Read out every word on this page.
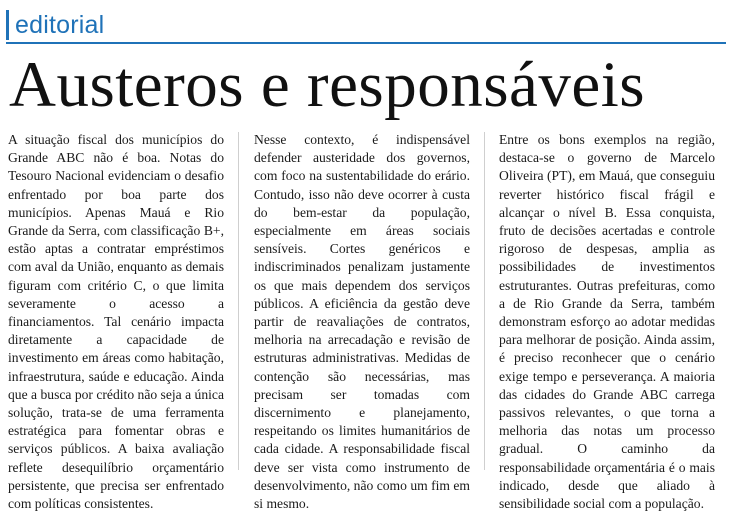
editorial
Austeros e responsáveis

A situação fiscal dos municípios do Grande ABC não é boa. Notas do Tesouro Nacional evidenciam o desafio enfrentado por boa parte dos municípios. Apenas Mauá e Rio Grande da Serra, com classificação B+, estão aptas a contratar empréstimos com aval da União, enquanto as demais figuram com critério C, o que limita severamente o acesso a financiamentos. Tal cenário impacta diretamente a capacidade de investimento em áreas como habitação, infraestrutura, saúde e educação. Ainda que a busca por crédito não seja a única solução, trata-se de uma ferramenta estratégica para fomentar obras e serviços públicos. A baixa avaliação reflete desequilíbrio orçamentário persistente, que precisa ser enfrentado com políticas consistentes.

Nesse contexto, é indispensável defender austeridade dos governos, com foco na sustentabilidade do erário. Contudo, isso não deve ocorrer à custa do bem-estar da população, especialmente em áreas sociais sensíveis. Cortes genéricos e indiscriminados penalizam justamente os que mais dependem dos serviços públicos. A eficiência da gestão deve partir de reavaliações de contratos, melhoria na arrecadação e revisão de estruturas administrativas. Medidas de contenção são necessárias, mas precisam ser tomadas com discernimento e planejamento, respeitando os limites humanitários de cada cidade. A responsabilidade fiscal deve ser vista como instrumento de desenvolvimento, não como um fim em si mesmo.

Entre os bons exemplos na região, destaca-se o governo de Marcelo Oliveira (PT), em Mauá, que conseguiu reverter histórico fiscal frágil e alcançar o nível B. Essa conquista, fruto de decisões acertadas e controle rigoroso de despesas, amplia as possibilidades de investimentos estruturantes. Outras prefeituras, como a de Rio Grande da Serra, também demonstram esforço ao adotar medidas para melhorar de posição. Ainda assim, é preciso reconhecer que o cenário exige tempo e perseverança. A maioria das cidades do Grande ABC carrega passivos relevantes, o que torna a melhoria das notas um processo gradual. O caminho da responsabilidade orçamentária é o mais indicado, desde que aliado à sensibilidade social com a população.
